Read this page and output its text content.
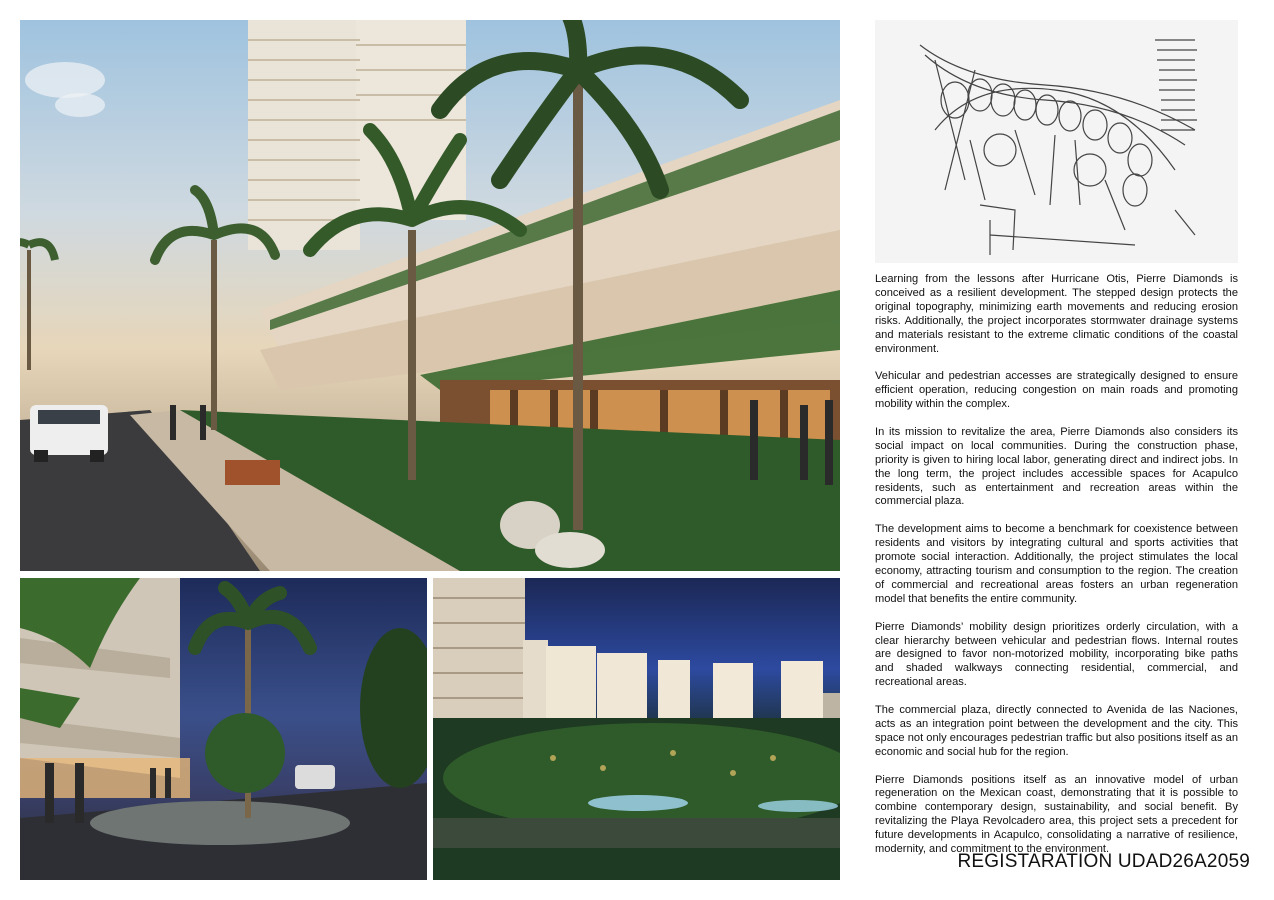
Learning from the lessons after Hurricane Otis, Pierre Diamonds is conceived as a resilient development. The stepped design protects the original topography, minimizing earth movements and reducing erosion risks. Additionally, the project incorporates stormwater drainage systems and materials resistant to the extreme climatic conditions of the coastal environment.

Vehicular and pedestrian accesses are strategically designed to ensure efficient operation, reducing congestion on main roads and promoting mobility within the complex.

In its mission to revitalize the area, Pierre Diamonds also considers its social impact on local communities. During the construction phase, priority is given to hiring local labor, generating direct and indirect jobs. In the long term, the project includes accessible spaces for Acapulco residents, such as entertainment and recreation areas within the commercial plaza.

The development aims to become a benchmark for coexistence between residents and visitors by integrating cultural and sports activities that promote social interaction. Additionally, the project stimulates the local economy, attracting tourism and consumption to the region. The creation of commercial and recreational areas fosters an urban regeneration model that benefits the entire community.

Pierre Diamonds’ mobility design prioritizes orderly circulation, with a clear hierarchy between vehicular and pedestrian flows. Internal routes are designed to favor non-motorized mobility, incorporating bike paths and shaded walkways connecting residential, commercial, and recreational areas.

The commercial plaza, directly connected to Avenida de las Naciones, acts as an integration point between the development and the city. This space not only encourages pedestrian traffic but also positions itself as an economic and social hub for the region.

Pierre Diamonds positions itself as an innovative model of urban regeneration on the Mexican coast, demonstrating that it is possible to combine contemporary design, sustainability, and social benefit. By revitalizing the Playa Revolcadero area, this project sets a precedent for future developments in Acapulco, consolidating a narrative of resilience, modernity, and commitment to the environment.

REGISTARATION UDAD26A2059
